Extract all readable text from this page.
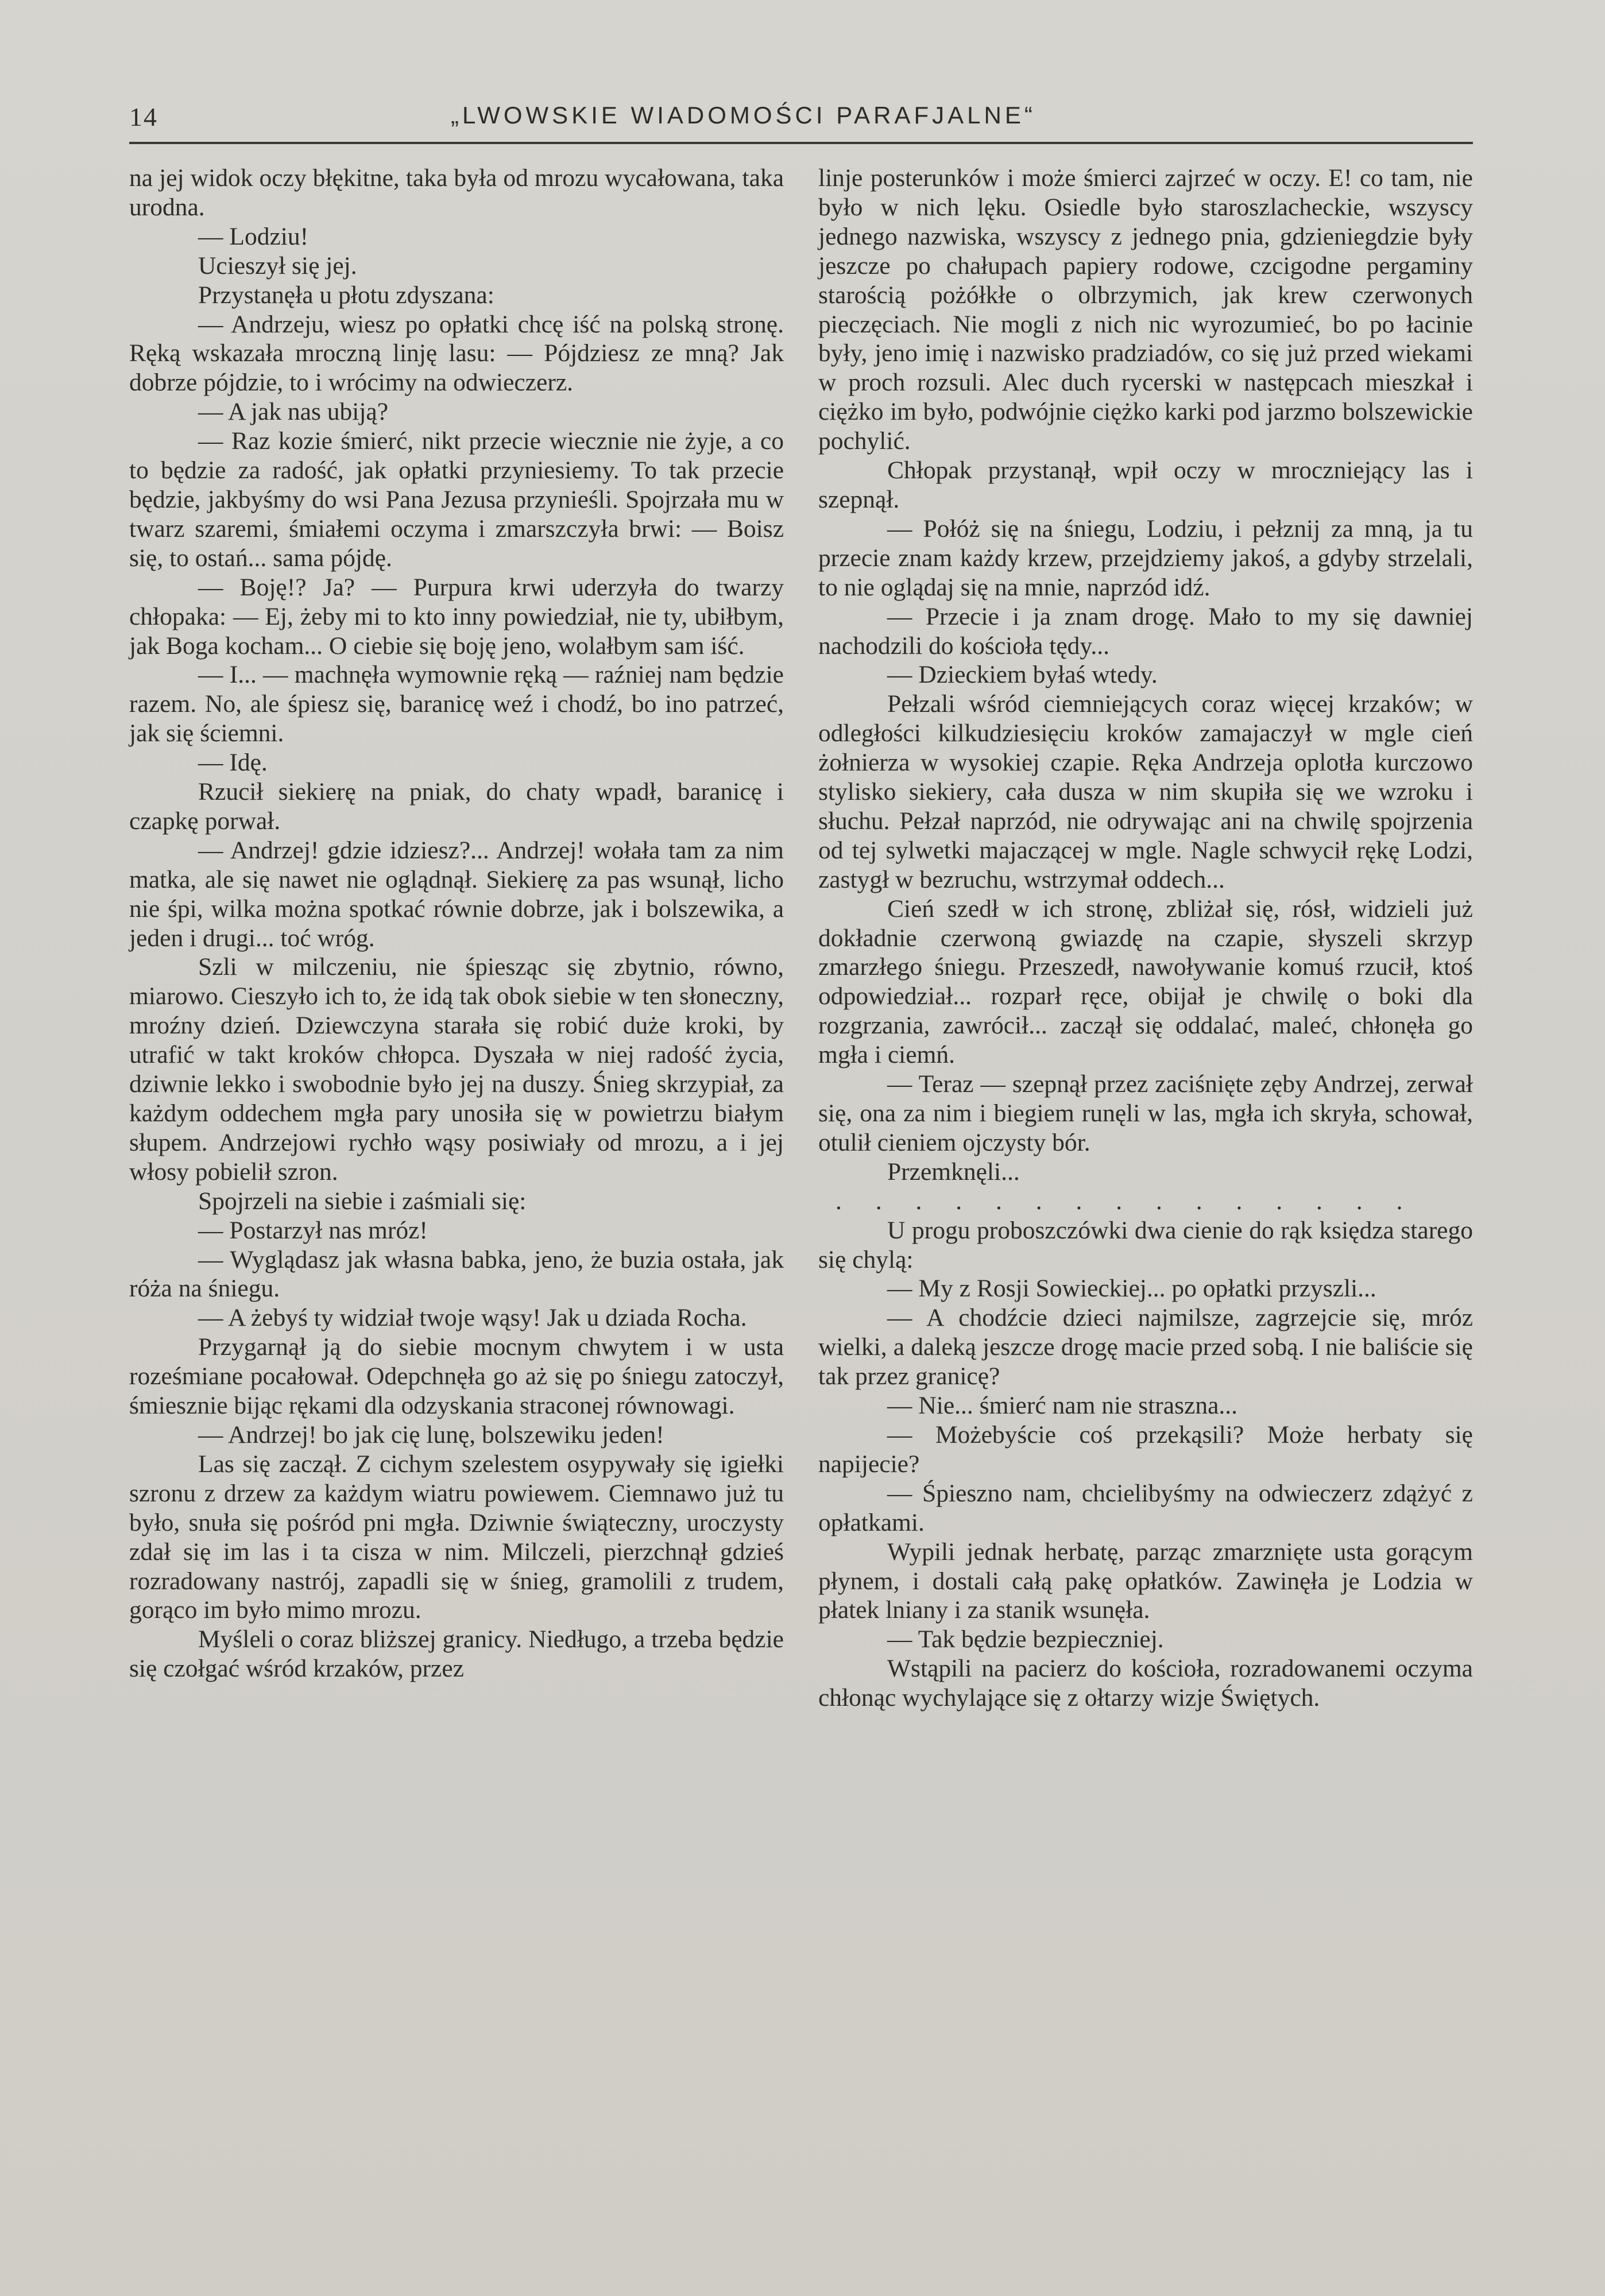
14	„LWOWSKIE WIADOMOŚCI PARAFJALNE“

na jej widok oczy błękitne, taka była od mrozu wycałowana, taka urodna.

— Lodziu!

Ucieszył się jej.

Przystanęła u płotu zdyszana:

— Andrzeju, wiesz po opłatki chcę iść na polską stronę. Ręką wskazała mroczną linję lasu: — Pójdziesz ze mną? Jak dobrze pójdzie, to i wrócimy na odwieczerz.

— A jak nas ubiją?

— Raz kozie śmierć, nikt przecie wiecznie nie żyje, a co to będzie za radość, jak opłatki przyniesiemy. To tak przecie będzie, jakbyśmy do wsi Pana Jezusa przynieśli. Spojrzała mu w twarz szaremi, śmiałemi oczyma i zmarszczyła brwi: — Boisz się, to ostań... sama pójdę.

— Boję!? Ja? — Purpura krwi uderzyła do twarzy chłopaka: — Ej, żeby mi to kto inny powiedział, nie ty, ubiłbym, jak Boga kocham... O ciebie się boję jeno, wolałbym sam iść.

— I... — machnęła wymownie ręką — raźniej nam będzie razem. No, ale śpiesz się, baranicę weź i chodź, bo ino patrzeć, jak się ściemni.

— Idę.

Rzucił siekierę na pniak, do chaty wpadł, baranicę i czapkę porwał.

— Andrzej! gdzie idziesz?... Andrzej! wołała tam za nim matka, ale się nawet nie oglądnął. Siekierę za pas wsunął, licho nie śpi, wilka można spotkać równie dobrze, jak i bolszewika, a jeden i drugi... toć wróg.

Szli w milczeniu, nie śpiesząc się zbytnio, równo, miarowo. Cieszyło ich to, że idą tak obok siebie w ten słoneczny, mroźny dzień. Dziewczyna starała się robić duże kroki, by utrafić w takt kroków chłopca. Dyszała w niej radość życia, dziwnie lekko i swobodnie było jej na duszy. Śnieg skrzypiał, za każdym oddechem mgła pary unosiła się w powietrzu białym słupem. Andrzejowi rychło wąsy posiwiały od mrozu, a i jej włosy pobielił szron.

Spojrzeli na siebie i zaśmiali się:

— Postarzył nas mróz!

— Wyglądasz jak własna babka, jeno, że buzia ostała, jak róża na śniegu.

— A żebyś ty widział twoje wąsy! Jak u dziada Rocha.

Przygarnął ją do siebie mocnym chwytem i w usta roześmiane pocałował. Odepchnęła go aż się po śniegu zatoczył, śmiesznie bijąc rękami dla odzyskania straconej równowagi.

— Andrzej! bo jak cię lunę, bolszewiku jeden!

Las się zaczął. Z cichym szelestem osypywały się igiełki szronu z drzew za każdym wiatru powiewem. Ciemnawo już tu było, snuła się pośród pni mgła. Dziwnie świąteczny, uroczysty zdał się im las i ta cisza w nim. Milczeli, pierzchnął gdzieś rozradowany nastrój, zapadli się w śnieg, gramolili z trudem, gorąco im było mimo mrozu.

Myśleli o coraz bliższej granicy. Niedługo, a trzeba będzie się czołgać wśród krzaków, przez

linje posterunków i może śmierci zajrzeć w oczy. E! co tam, nie było w nich lęku. Osiedle było staroszlacheckie, wszyscy jednego nazwiska, wszyscy z jednego pnia, gdzieniegdzie były jeszcze po chałupach papiery rodowe, czcigodne pergaminy starością pożółkłe o olbrzymich, jak krew czerwonych pieczęciach. Nie mogli z nich nic wyrozumieć, bo po łacinie były, jeno imię i nazwisko pradziadów, co się już przed wiekami w proch rozsuli. Alec duch rycerski w następcach mieszkał i ciężko im było, podwójnie ciężko karki pod jarzmo bolszewickie pochylić.

Chłopak przystanął, wpił oczy w mroczniejący las i szepnął.

— Połóż się na śniegu, Lodziu, i pełznij za mną, ja tu przecie znam każdy krzew, przejdziemy jakoś, a gdyby strzelali, to nie oglądaj się na mnie, naprzód idź.

— Przecie i ja znam drogę. Mało to my się dawniej nachodzili do kościoła tędy...

— Dzieckiem byłaś wtedy.

Pełzali wśród ciemniejących coraz więcej krzaków; w odległości kilkudziesięciu kroków zamajaczył w mgle cień żołnierza w wysokiej czapie. Ręka Andrzeja oplotła kurczowo stylisko siekiery, cała dusza w nim skupiła się we wzroku i słuchu. Pełzał naprzód, nie odrywając ani na chwilę spojrzenia od tej sylwetki majaczącej w mgle. Nagle schwycił rękę Lodzi, zastygł w bezruchu, wstrzymał oddech...

Cień szedł w ich stronę, zbliżał się, rósł, widzieli już dokładnie czerwoną gwiazdę na czapie, słyszeli skrzyp zmarzłego śniegu. Przeszedł, nawoływanie komuś rzucił, ktoś odpowiedział... rozparł ręce, obijał je chwilę o boki dla rozgrzania, zawrócił... zaczął się oddalać, maleć, chłonęła go mgła i ciemń.

— Teraz — szepnął przez zaciśnięte zęby Andrzej, zerwał się, ona za nim i biegiem runęli w las, mgła ich skryła, schował, otulił cieniem ojczysty bór.

Przemknęli...

. . . . . . . . . . . . . . .

U progu proboszczówki dwa cienie do rąk księdza starego się chylą:

— My z Rosji Sowieckiej... po opłatki przyszli...

— A chodźcie dzieci najmilsze, zagrzejcie się, mróz wielki, a daleką jeszcze drogę macie przed sobą. I nie baliście się tak przez granicę?

— Nie... śmierć nam nie straszna...

— Możebyście coś przekąsili? Może herbaty się napijecie?

— Śpieszno nam, chcielibyśmy na odwieczerz zdążyć z opłatkami.

Wypili jednak herbatę, parząc zmarznięte usta gorącym płynem, i dostali całą pakę opłatków. Zawinęła je Lodzia w płatek lniany i za stanik wsunęła.

— Tak będzie bezpieczniej.

Wstąpili na pacierz do kościoła, rozradowanemi oczyma chłonąc wychylające się z ołtarzy wizje Świętych.
